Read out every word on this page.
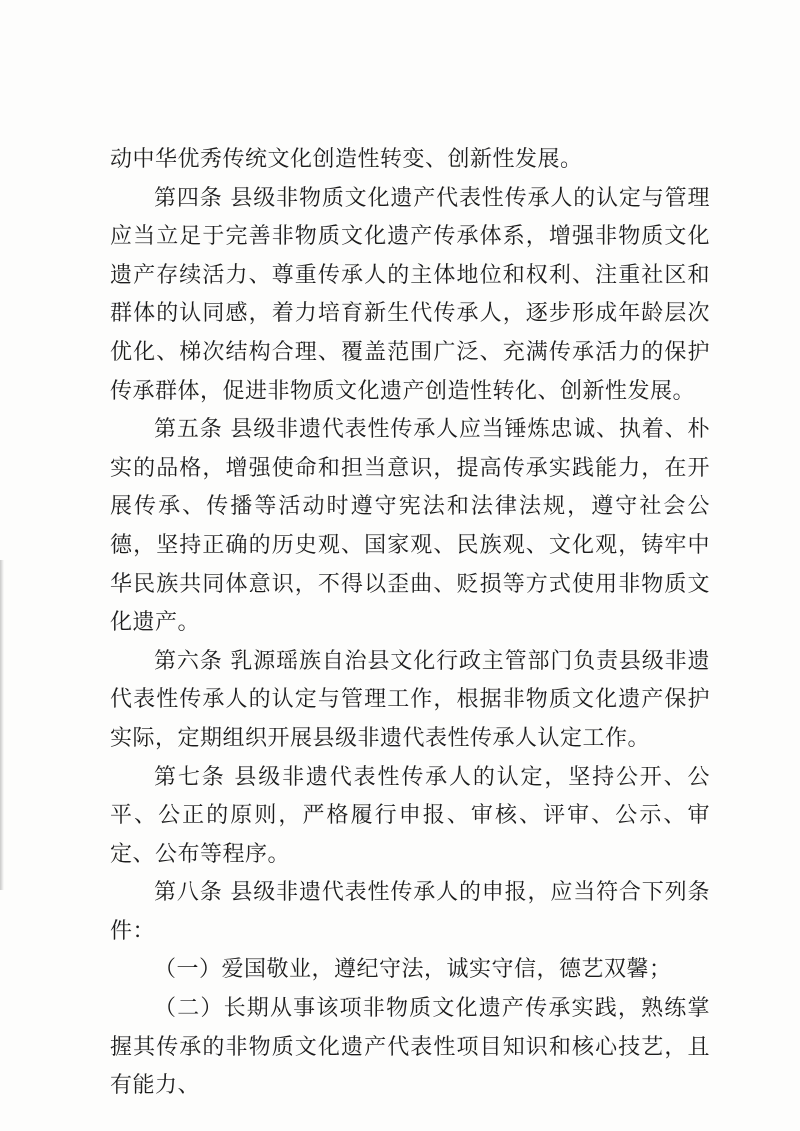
动中华优秀传统文化创造性转变、创新性发展。

第四条 县级非物质文化遗产代表性传承人的认定与管理应当立足于完善非物质文化遗产传承体系，增强非物质文化遗产存续活力、尊重传承人的主体地位和权利、注重社区和群体的认同感，着力培育新生代传承人，逐步形成年龄层次优化、梯次结构合理、覆盖范围广泛、充满传承活力的保护传承群体，促进非物质文化遗产创造性转化、创新性发展。

第五条 县级非遗代表性传承人应当锤炼忠诚、执着、朴实的品格，增强使命和担当意识，提高传承实践能力，在开展传承、传播等活动时遵守宪法和法律法规，遵守社会公德，坚持正确的历史观、国家观、民族观、文化观，铸牢中华民族共同体意识，不得以歪曲、贬损等方式使用非物质文化遗产。

第六条 乳源瑶族自治县文化行政主管部门负责县级非遗代表性传承人的认定与管理工作，根据非物质文化遗产保护实际，定期组织开展县级非遗代表性传承人认定工作。

第七条 县级非遗代表性传承人的认定，坚持公开、公平、公正的原则，严格履行申报、审核、评审、公示、审定、公布等程序。

第八条 县级非遗代表性传承人的申报，应当符合下列条件：

（一）爱国敬业，遵纪守法，诚实守信，德艺双馨；

（二）长期从事该项非物质文化遗产传承实践，熟练掌握其传承的非物质文化遗产代表性项目知识和核心技艺，且有能力、
